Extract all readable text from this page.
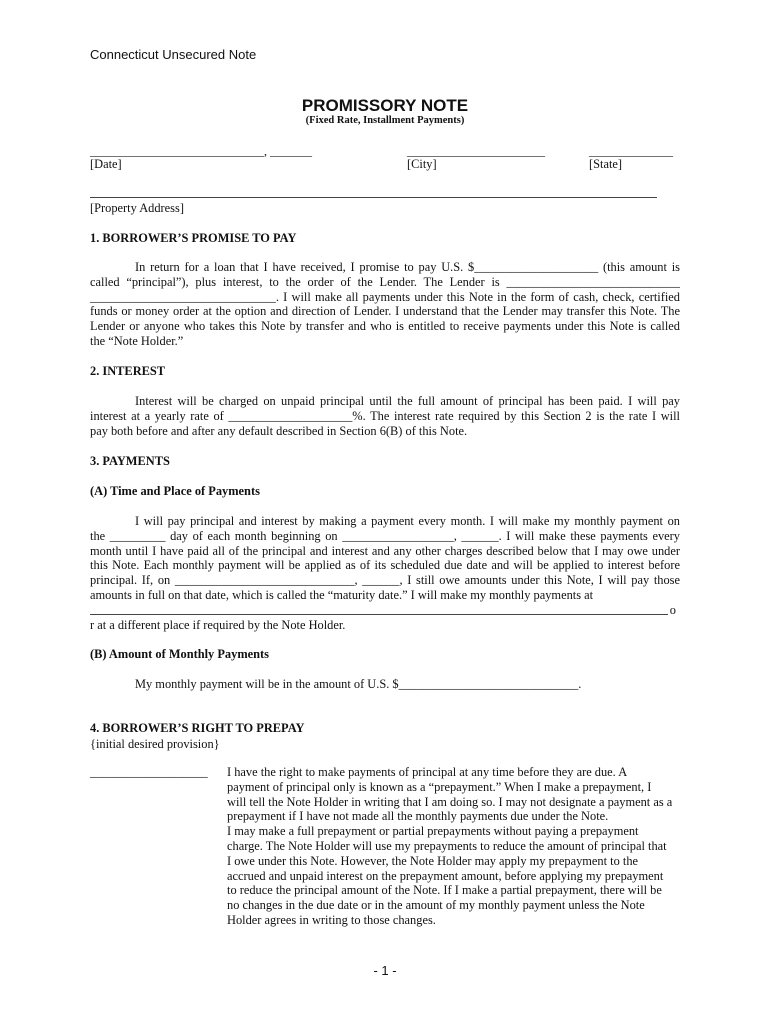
Connecticut Unsecured Note
PROMISSORY NOTE
(Fixed Rate, Installment Payments)
_____________________________, _______	_______________________	______________
[Date]	[City]	[State]
[Property Address]
1. BORROWER’S PROMISE TO PAY
In return for a loan that I have received, I promise to pay U.S. $____________________ (this amount is
called “principal”), plus interest, to the order of the Lender. The Lender is ____________________________
______________________________. I will make all payments under this Note in the form of cash, check, certified
funds or money order at the option and direction of Lender. I understand that the Lender may transfer this Note. The
Lender or anyone who takes this Note by transfer and who is entitled to receive payments under this Note is called
the “Note Holder.”
2. INTEREST
Interest will be charged on unpaid principal until the full amount of principal has been paid. I will pay
interest at a yearly rate of ____________________%. The interest rate required by this Section 2 is the rate I will
pay both before and after any default described in Section 6(B) of this Note.
3. PAYMENTS
(A) Time and Place of Payments
I will pay principal and interest by making a payment every month. I will make my monthly payment on
the _________ day of each month beginning on __________________, ______. I will make these payments every
month until I have paid all of the principal and interest and any other charges described below that I may owe under
this Note. Each monthly payment will be applied as of its scheduled due date and will be applied to interest before
principal. If, on _____________________________, ______, I still owe amounts under this Note, I will pay those
amounts in full on that date, which is called the “maturity date.” I will make my monthly payments at
o
r at a different place if required by the Note Holder.
(B) Amount of Monthly Payments
My monthly payment will be in the amount of U.S. $_____________________________.
4. BORROWER’S RIGHT TO PREPAY
{initial desired provision}
___________________ I have the right to make payments of principal at any time before they are due. A
payment of principal only is known as a “prepayment.” When I make a prepayment, I
will tell the Note Holder in writing that I am doing so. I may not designate a payment as a
prepayment if I have not made all the monthly payments due under the Note.
I may make a full prepayment or partial prepayments without paying a prepayment
charge. The Note Holder will use my prepayments to reduce the amount of principal that
I owe under this Note. However, the Note Holder may apply my prepayment to the
accrued and unpaid interest on the prepayment amount, before applying my prepayment
to reduce the principal amount of the Note. If I make a partial prepayment, there will be
no changes in the due date or in the amount of my monthly payment unless the Note
Holder agrees in writing to those changes.
- 1 -
